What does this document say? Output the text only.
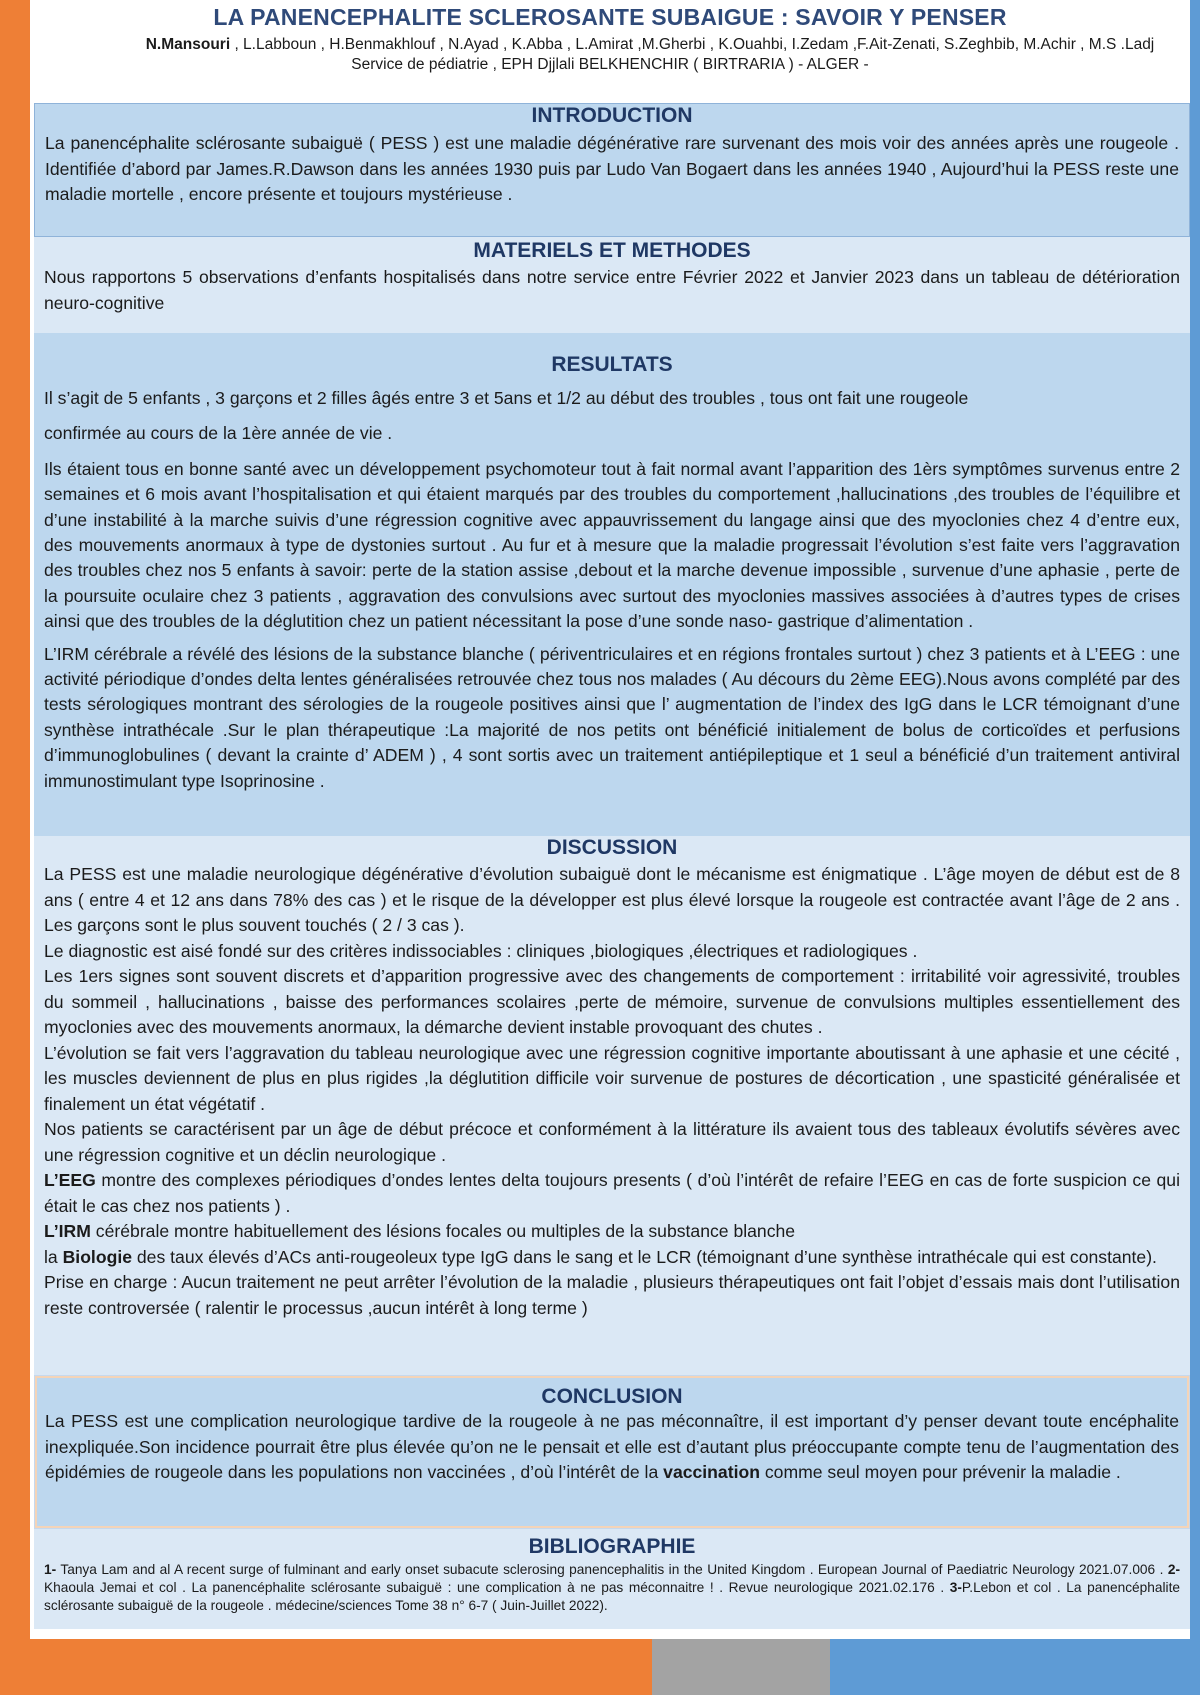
LA PANENCEPHALITE SCLEROSANTE SUBAIGUE : SAVOIR Y PENSER
N.Mansouri , L.Labboun , H.Benmakhlouf , N.Ayad , K.Abba , L.Amirat ,M.Gherbi , K.Ouahbi, I.Zedam ,F.Ait-Zenati, S.Zeghbib, M.Achir , M.S .Ladj
Service de pédiatrie , EPH Djjlali BELKHENCHIR ( BIRTRARIA ) - ALGER -
INTRODUCTION

La panencéphalite sclérosante subaiguë ( PESS ) est une maladie dégénérative rare survenant des mois voir des années après une rougeole . Identifiée d’abord par James.R.Dawson dans les années 1930 puis par Ludo Van Bogaert dans les années 1940 , Aujourd’hui la PESS reste une maladie mortelle , encore présente et toujours mystérieuse .

MATERIELS ET METHODES

Nous rapportons 5 observations d’enfants hospitalisés dans notre service entre Février 2022 et Janvier 2023 dans un tableau de détérioration neuro-cognitive

RESULTATS

Il s’agit de 5 enfants , 3 garçons et 2 filles âgés entre 3 et 5ans et 1/2 au début des troubles , tous ont fait une rougeole

confirmée au cours de la 1ère année de vie .

Ils étaient tous en bonne santé avec un développement psychomoteur tout à fait normal avant l’apparition des 1èrs symptômes survenus entre 2 semaines et 6 mois avant l’hospitalisation et qui étaient marqués par des troubles du comportement ,hallucinations ,des troubles de l’équilibre et d’une instabilité à la marche suivis d’une régression cognitive avec appauvrissement du langage ainsi que des myoclonies chez 4 d’entre eux, des mouvements anormaux à type de dystonies surtout . Au fur et à mesure que la maladie progressait l’évolution s’est faite vers l’aggravation des troubles chez nos 5 enfants à savoir: perte de la station assise ,debout et la marche devenue impossible , survenue d’une aphasie , perte de la poursuite oculaire chez 3 patients , aggravation des convulsions avec surtout des myoclonies massives associées à d’autres types de crises ainsi que des troubles de la déglutition chez un patient nécessitant la pose d’une sonde naso- gastrique d’alimentation .

L’IRM cérébrale a révélé des lésions de la substance blanche ( périventriculaires et en régions frontales surtout ) chez 3 patients et à L’EEG : une activité périodique d’ondes delta lentes généralisées retrouvée chez tous nos malades ( Au décours du 2ème EEG).Nous avons complété par des tests sérologiques montrant des sérologies de la rougeole positives ainsi que l’ augmentation de l’index des IgG dans le LCR témoignant d’une synthèse intrathécale .Sur le plan thérapeutique :La majorité de nos petits ont bénéficié initialement de bolus de corticoïdes et perfusions d’immunoglobulines ( devant la crainte d’ ADEM ) , 4 sont sortis avec un traitement antiépileptique et 1 seul a bénéficié d’un traitement antiviral immunostimulant type Isoprinosine .

DISCUSSION

La PESS est une maladie neurologique dégénérative d’évolution subaiguë dont le mécanisme est énigmatique . L’âge moyen de début est de 8 ans ( entre 4 et 12 ans dans 78% des cas ) et le risque de la développer est plus élevé lorsque la rougeole est contractée avant l’âge de 2 ans . Les garçons sont le plus souvent touchés ( 2 / 3 cas ).

Le diagnostic est aisé fondé sur des critères indissociables : cliniques ,biologiques ,électriques et radiologiques .

Les 1ers signes sont souvent discrets et d’apparition progressive avec des changements de comportement : irritabilité voir agressivité, troubles du sommeil , hallucinations , baisse des performances scolaires ,perte de mémoire, survenue de convulsions multiples essentiellement des myoclonies avec des mouvements anormaux, la démarche devient instable provoquant des chutes .

L’évolution se fait vers l’aggravation du tableau neurologique avec une régression cognitive importante aboutissant à une aphasie et une cécité , les muscles deviennent de plus en plus rigides ,la déglutition difficile voir survenue de postures de décortication , une spasticité généralisée et finalement un état végétatif .

Nos patients se caractérisent par un âge de début précoce et conformément à la littérature ils avaient tous des tableaux évolutifs sévères avec une régression cognitive et un déclin neurologique .

L’EEG montre des complexes périodiques d’ondes lentes delta toujours presents ( d’où l’intérêt de refaire l’EEG en cas de forte suspicion ce qui était le cas chez nos patients ) .

L’IRM cérébrale montre habituellement des lésions focales ou multiples de la substance blanche

la Biologie des taux élevés d’ACs anti-rougeoleux type IgG dans le sang et le LCR (témoignant d’une synthèse intrathécale qui est constante).

Prise en charge : Aucun traitement ne peut arrêter l’évolution de la maladie , plusieurs thérapeutiques ont fait l’objet d’essais mais dont l’utilisation reste controversée ( ralentir le processus ,aucun intérêt à long terme )

CONCLUSION

La PESS est une complication neurologique tardive de la rougeole à ne pas méconnaître, il est important d’y penser devant toute encéphalite inexpliquée.Son incidence pourrait être plus élevée qu’on ne le pensait et elle est d’autant plus préoccupante compte tenu de l’augmentation des épidémies de rougeole dans les populations non vaccinées , d’où l’intérêt de la vaccination comme seul moyen pour prévenir la maladie .

BIBLIOGRAPHIE

1- Tanya Lam and al A recent surge of fulminant and early onset subacute sclerosing panencephalitis in the United Kingdom . European Journal of Paediatric Neurology 2021.07.006 . 2- Khaoula Jemai et col . La panencéphalite sclérosante subaiguë : une complication à ne pas méconnaitre ! . Revue neurologique 2021.02.176 . 3-P.Lebon et col . La panencéphalite sclérosante subaiguë de la rougeole . médecine/sciences Tome 38 n° 6-7 ( Juin-Juillet 2022).
